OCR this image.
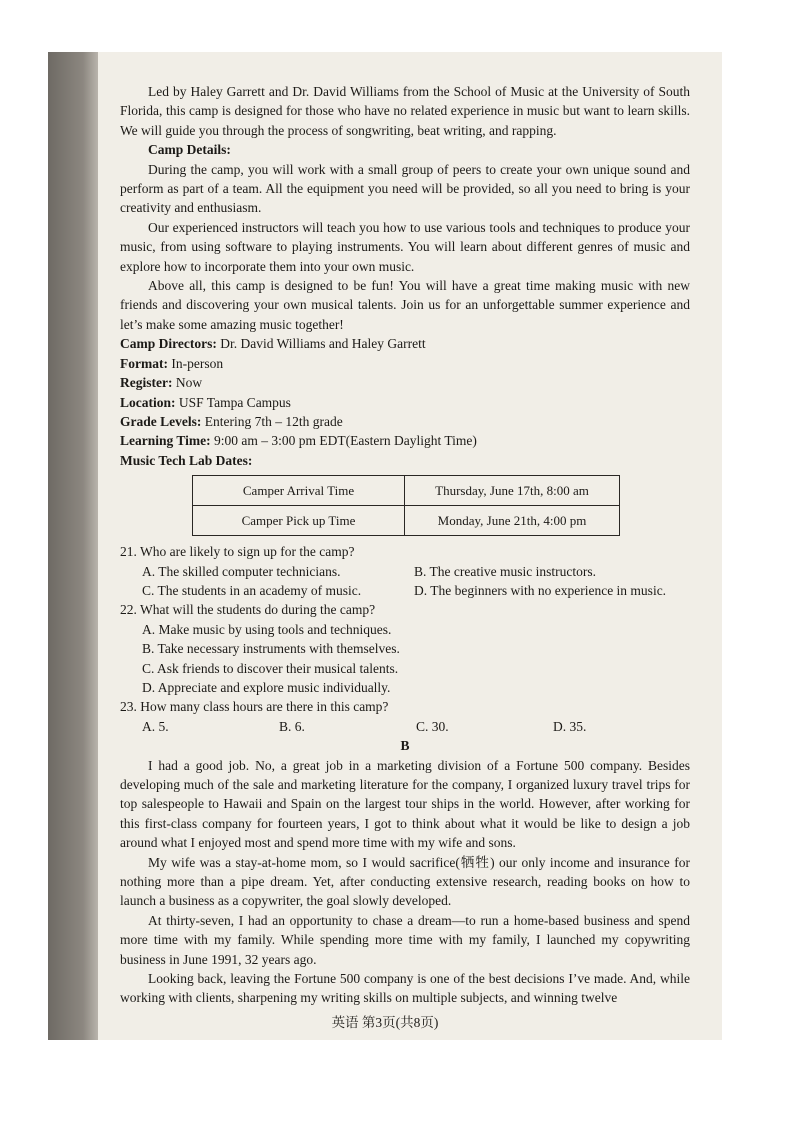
Led by Haley Garrett and Dr. David Williams from the School of Music at the University of South Florida, this camp is designed for those who have no related experience in music but want to learn skills. We will guide you through the process of songwriting, beat writing, and rapping.

Camp Details:

During the camp, you will work with a small group of peers to create your own unique sound and perform as part of a team. All the equipment you need will be provided, so all you need to bring is your creativity and enthusiasm.

Our experienced instructors will teach you how to use various tools and techniques to produce your music, from using software to playing instruments. You will learn about different genres of music and explore how to incorporate them into your own music.

Above all, this camp is designed to be fun! You will have a great time making music with new friends and discovering your own musical talents. Join us for an unforgettable summer experience and let’s make some amazing music together!

Camp Directors: Dr. David Williams and Haley Garrett

Format: In-person

Register: Now

Location: USF Tampa Campus

Grade Levels: Entering 7th – 12th grade

Learning Time: 9:00 am – 3:00 pm EDT(Eastern Daylight Time)

Music Tech Lab Dates:

Camper Arrival Time	Thursday, June 17th, 8:00 am
Camper Pick up Time	Monday, June 21th, 4:00 pm

21. Who are likely to sign up for the camp?

A. The skilled computer technicians.	B. The creative music instructors.
C. The students in an academy of music.	D. The beginners with no experience in music.

22. What will the students do during the camp?

A. Make music by using tools and techniques.
B. Take necessary instruments with themselves.
C. Ask friends to discover their musical talents.
D. Appreciate and explore music individually.

23. How many class hours are there in this camp?

A. 5.	B. 6.	C. 30.	D. 35.

B

I had a good job. No, a great job in a marketing division of a Fortune 500 company. Besides developing much of the sale and marketing literature for the company, I organized luxury travel trips for top salespeople to Hawaii and Spain on the largest tour ships in the world. However, after working for this first-class company for fourteen years, I got to think about what it would be like to design a job around what I enjoyed most and spend more time with my wife and sons.

My wife was a stay-at-home mom, so I would sacrifice(牺牲) our only income and insurance for nothing more than a pipe dream. Yet, after conducting extensive research, reading books on how to launch a business as a copywriter, the goal slowly developed.

At thirty-seven, I had an opportunity to chase a dream—to run a home-based business and spend more time with my family. While spending more time with my family, I launched my copywriting business in June 1991, 32 years ago.

Looking back, leaving the Fortune 500 company is one of the best decisions I’ve made. And, while working with clients, sharpening my writing skills on multiple subjects, and winning twelve

英语 第3页(共8页)
